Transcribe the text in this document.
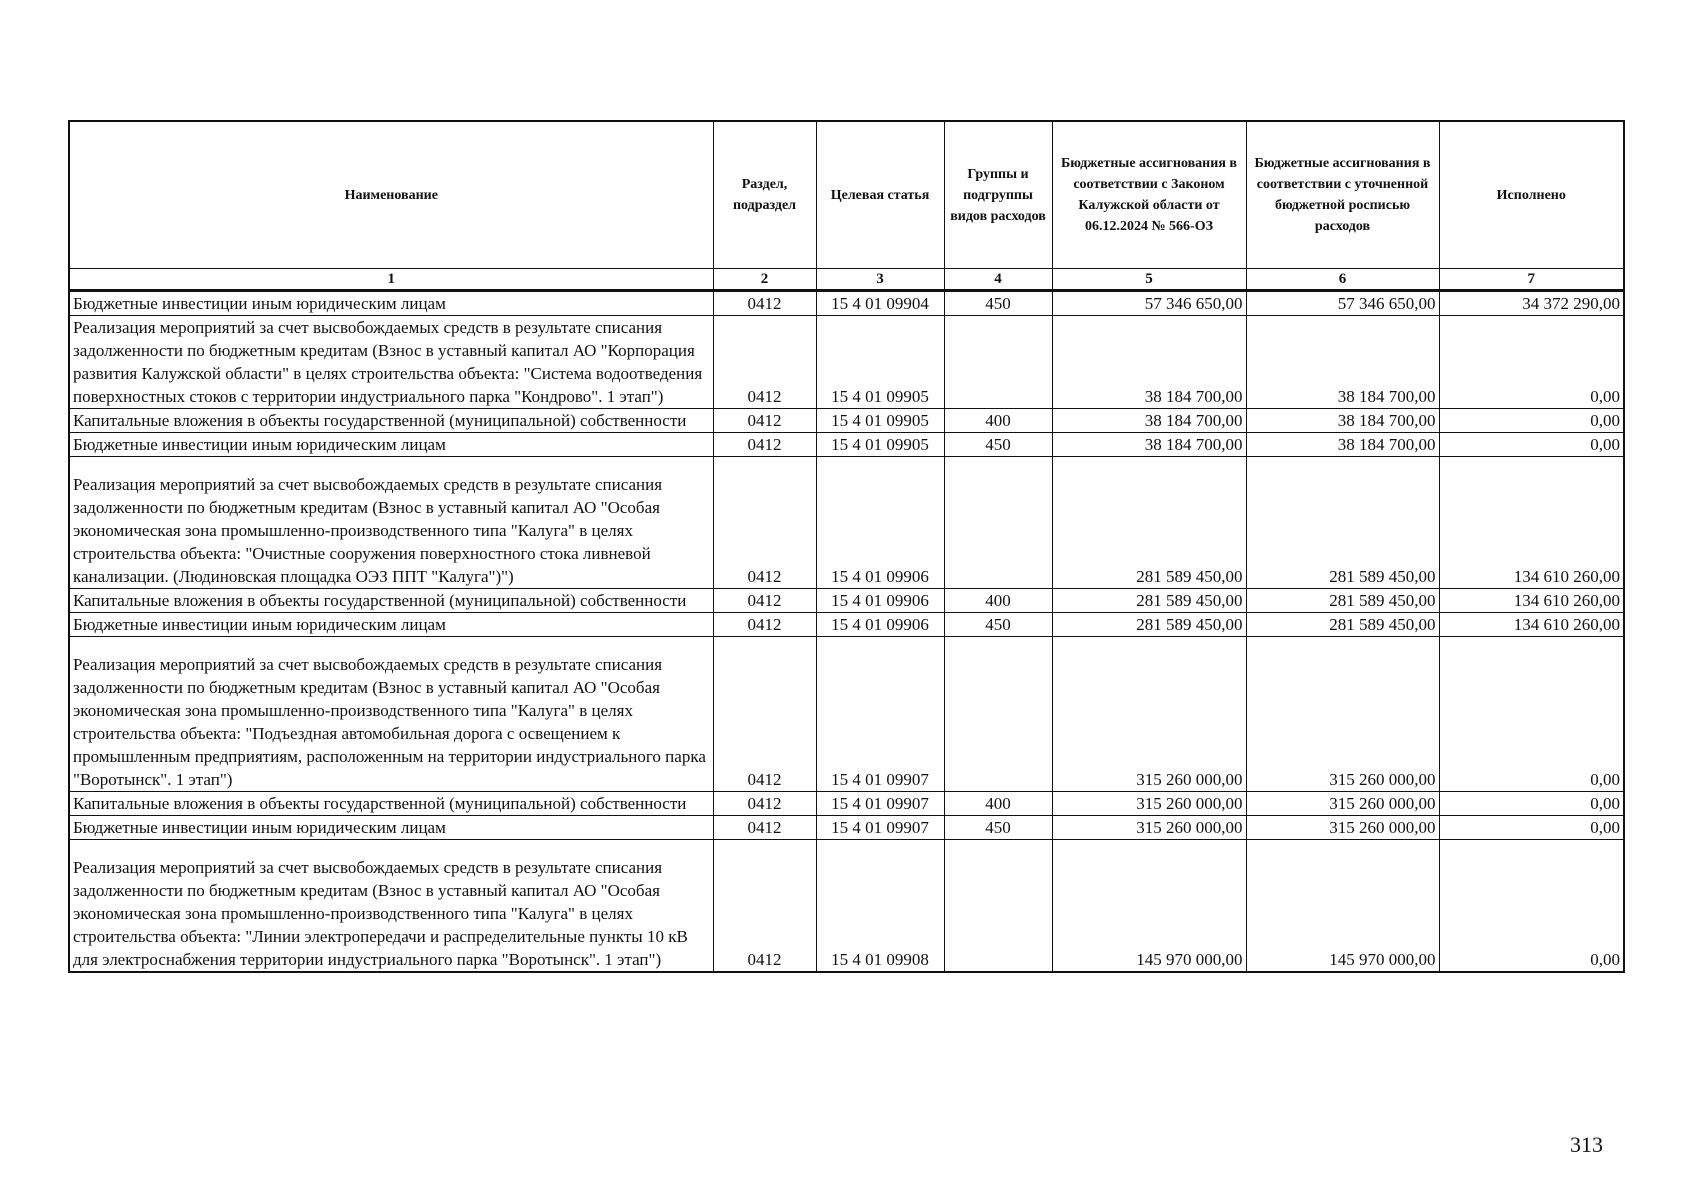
Наименование	Раздел, подраздел	Целевая статья	Группы и подгруппы видов расходов	Бюджетные ассигнования в соответствии с Законом Калужской области от 06.12.2024 № 566-ОЗ	Бюджетные ассигнования в соответствии с уточненной бюджетной росписью расходов	Исполнено
1	2	3	4	5	6	7
Бюджетные инвестиции иным юридическим лицам	0412	15 4 01 09904	450	57 346 650,00	57 346 650,00	34 372 290,00
Реализация мероприятий за счет высвобождаемых средств в результате списания задолженности по бюджетным кредитам (Взнос в уставный капитал АО "Корпорация развития Калужской области" в целях строительства объекта: "Система водоотведения поверхностных стоков с территории индустриального парка "Кондрово". 1 этап")	0412	15 4 01 09905		38 184 700,00	38 184 700,00	0,00
Капитальные вложения в объекты государственной (муниципальной) собственности	0412	15 4 01 09905	400	38 184 700,00	38 184 700,00	0,00
Бюджетные инвестиции иным юридическим лицам	0412	15 4 01 09905	450	38 184 700,00	38 184 700,00	0,00
Реализация мероприятий за счет высвобождаемых средств в результате списания задолженности по бюджетным кредитам (Взнос в уставный капитал АО "Особая экономическая зона промышленно-производственного типа "Калуга" в целях строительства объекта: "Очистные сооружения поверхностного стока ливневой канализации. (Людиновская площадка ОЭЗ ППТ "Калуга")")	0412	15 4 01 09906		281 589 450,00	281 589 450,00	134 610 260,00
Капитальные вложения в объекты государственной (муниципальной) собственности	0412	15 4 01 09906	400	281 589 450,00	281 589 450,00	134 610 260,00
Бюджетные инвестиции иным юридическим лицам	0412	15 4 01 09906	450	281 589 450,00	281 589 450,00	134 610 260,00
Реализация мероприятий за счет высвобождаемых средств в результате списания задолженности по бюджетным кредитам (Взнос в уставный капитал АО "Особая экономическая зона промышленно-производственного типа "Калуга" в целях строительства объекта: "Подъездная автомобильная дорога с освещением к промышленным предприятиям, расположенным на территории индустриального парка "Воротынск". 1 этап")	0412	15 4 01 09907		315 260 000,00	315 260 000,00	0,00
Капитальные вложения в объекты государственной (муниципальной) собственности	0412	15 4 01 09907	400	315 260 000,00	315 260 000,00	0,00
Бюджетные инвестиции иным юридическим лицам	0412	15 4 01 09907	450	315 260 000,00	315 260 000,00	0,00
Реализация мероприятий за счет высвобождаемых средств в результате списания задолженности по бюджетным кредитам (Взнос в уставный капитал АО "Особая экономическая зона промышленно-производственного типа "Калуга" в целях строительства объекта: "Линии электропередачи и распределительные пункты 10 кВ для электроснабжения территории индустриального парка "Воротынск". 1 этап")	0412	15 4 01 09908		145 970 000,00	145 970 000,00	0,00
313
